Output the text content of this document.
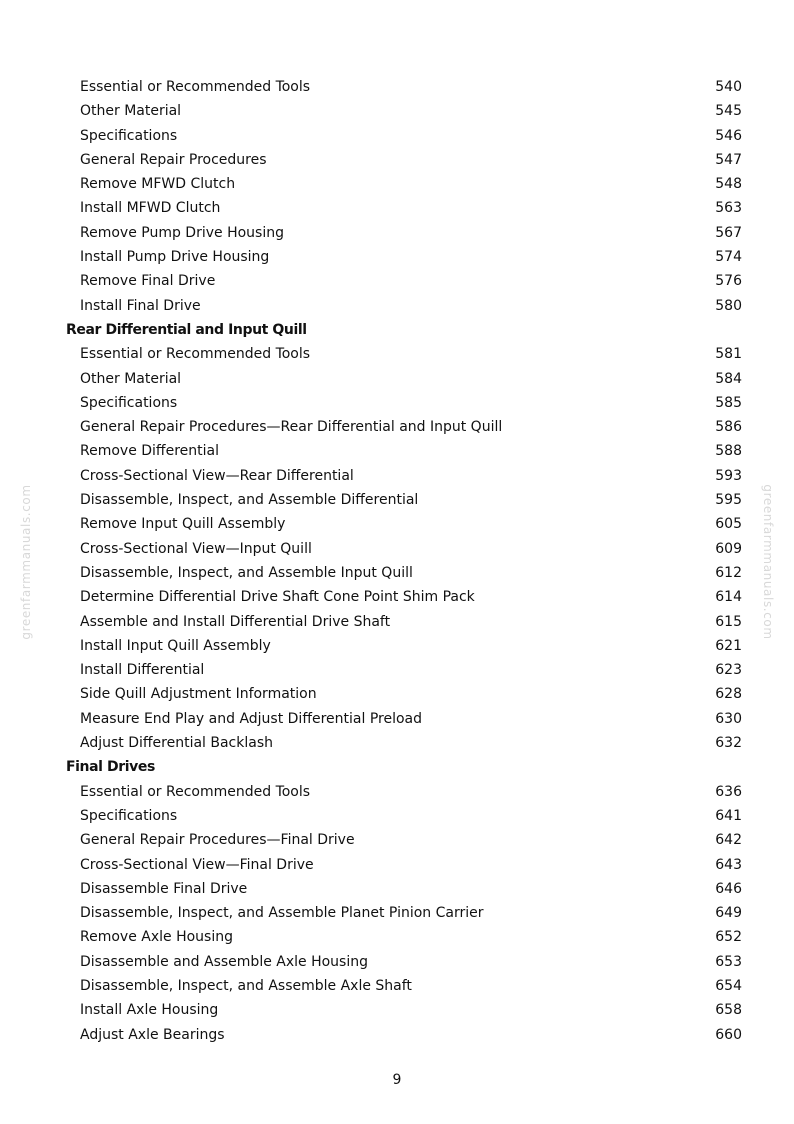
greenfarmmanuals.com	greenfarmmanuals.com
Essential or Recommended Tools	540
Other Material	545
Specifications	546
General Repair Procedures	547
Remove MFWD Clutch	548
Install MFWD Clutch	563
Remove Pump Drive Housing	567
Install Pump Drive Housing	574
Remove Final Drive	576
Install Final Drive	580
Rear Differential and Input Quill
Essential or Recommended Tools	581
Other Material	584
Specifications	585
General Repair Procedures—Rear Differential and Input Quill	586
Remove Differential	588
Cross-Sectional View—Rear Differential	593
Disassemble, Inspect, and Assemble Differential	595
Remove Input Quill Assembly	605
Cross-Sectional View—Input Quill	609
Disassemble, Inspect, and Assemble Input Quill	612
Determine Differential Drive Shaft Cone Point Shim Pack	614
Assemble and Install Differential Drive Shaft	615
Install Input Quill Assembly	621
Install Differential	623
Side Quill Adjustment Information	628
Measure End Play and Adjust Differential Preload	630
Adjust Differential Backlash	632
Final Drives
Essential or Recommended Tools	636
Specifications	641
General Repair Procedures—Final Drive	642
Cross-Sectional View—Final Drive	643
Disassemble Final Drive	646
Disassemble, Inspect, and Assemble Planet Pinion Carrier	649
Remove Axle Housing	652
Disassemble and Assemble Axle Housing	653
Disassemble, Inspect, and Assemble Axle Shaft	654
Install Axle Housing	658
Adjust Axle Bearings	660
9
